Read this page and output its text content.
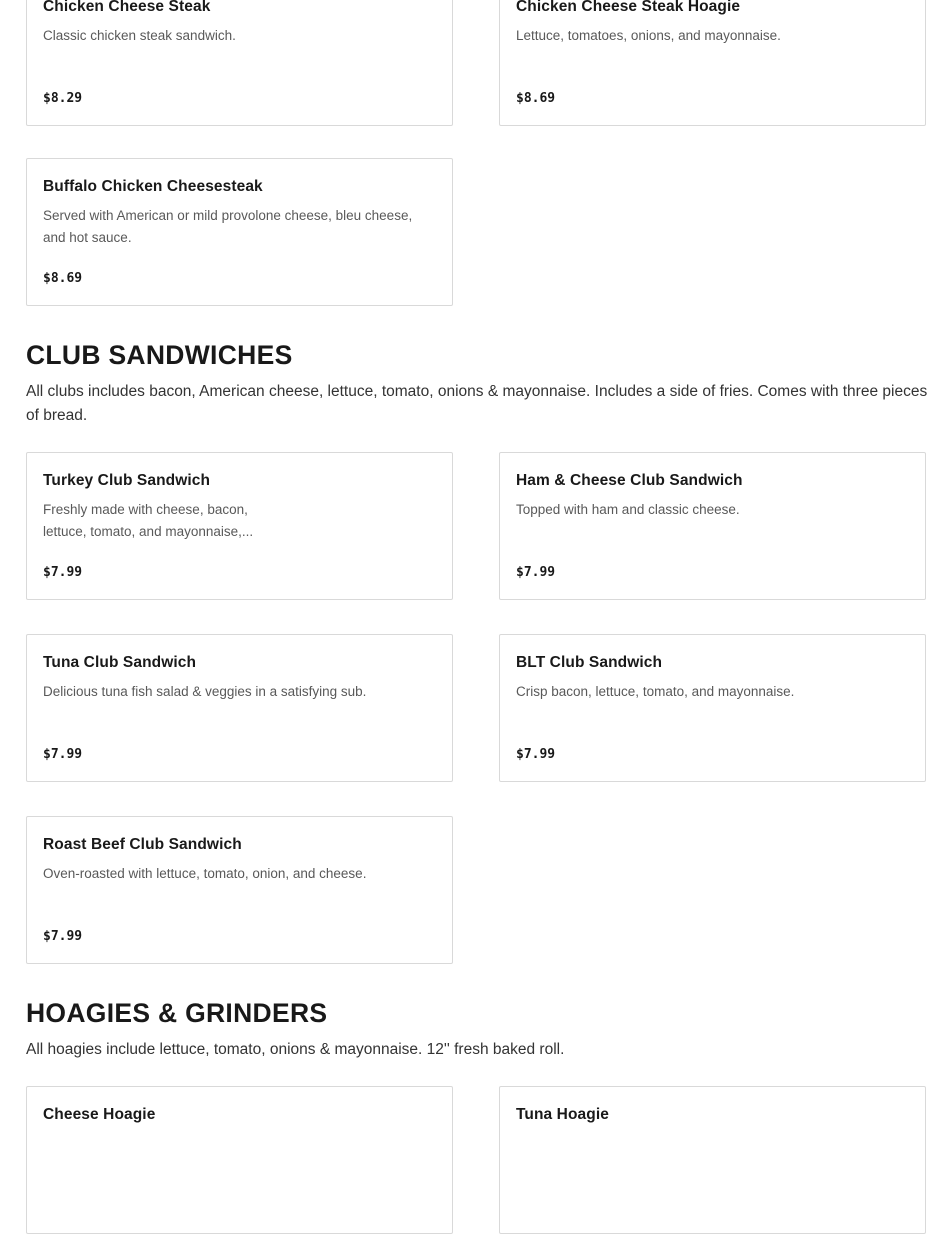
Chicken Cheese Steak
Classic chicken steak sandwich.
$8.29
Chicken Cheese Steak Hoagie
Lettuce, tomatoes, onions, and mayonnaise.
$8.69
Buffalo Chicken Cheesesteak
Served with American or mild provolone cheese, bleu cheese, and hot sauce.
$8.69
CLUB SANDWICHES

All clubs includes bacon, American cheese, lettuce, tomato, onions & mayonnaise. Includes a side of fries. Comes with three pieces of bread.

Turkey Club Sandwich
Freshly made with cheese, bacon, lettuce, tomato, and mayonnaise,...
$7.99
Ham & Cheese Club Sandwich
Topped with ham and classic cheese.
$7.99
Tuna Club Sandwich
Delicious tuna fish salad & veggies in a satisfying sub.
$7.99
BLT Club Sandwich
Crisp bacon, lettuce, tomato, and mayonnaise.
$7.99
Roast Beef Club Sandwich
Oven-roasted with lettuce, tomato, onion, and cheese.
$7.99
HOAGIES & GRINDERS

All hoagies include lettuce, tomato, onions & mayonnaise. 12'' fresh baked roll.

Cheese Hoagie	Tuna Hoagie
